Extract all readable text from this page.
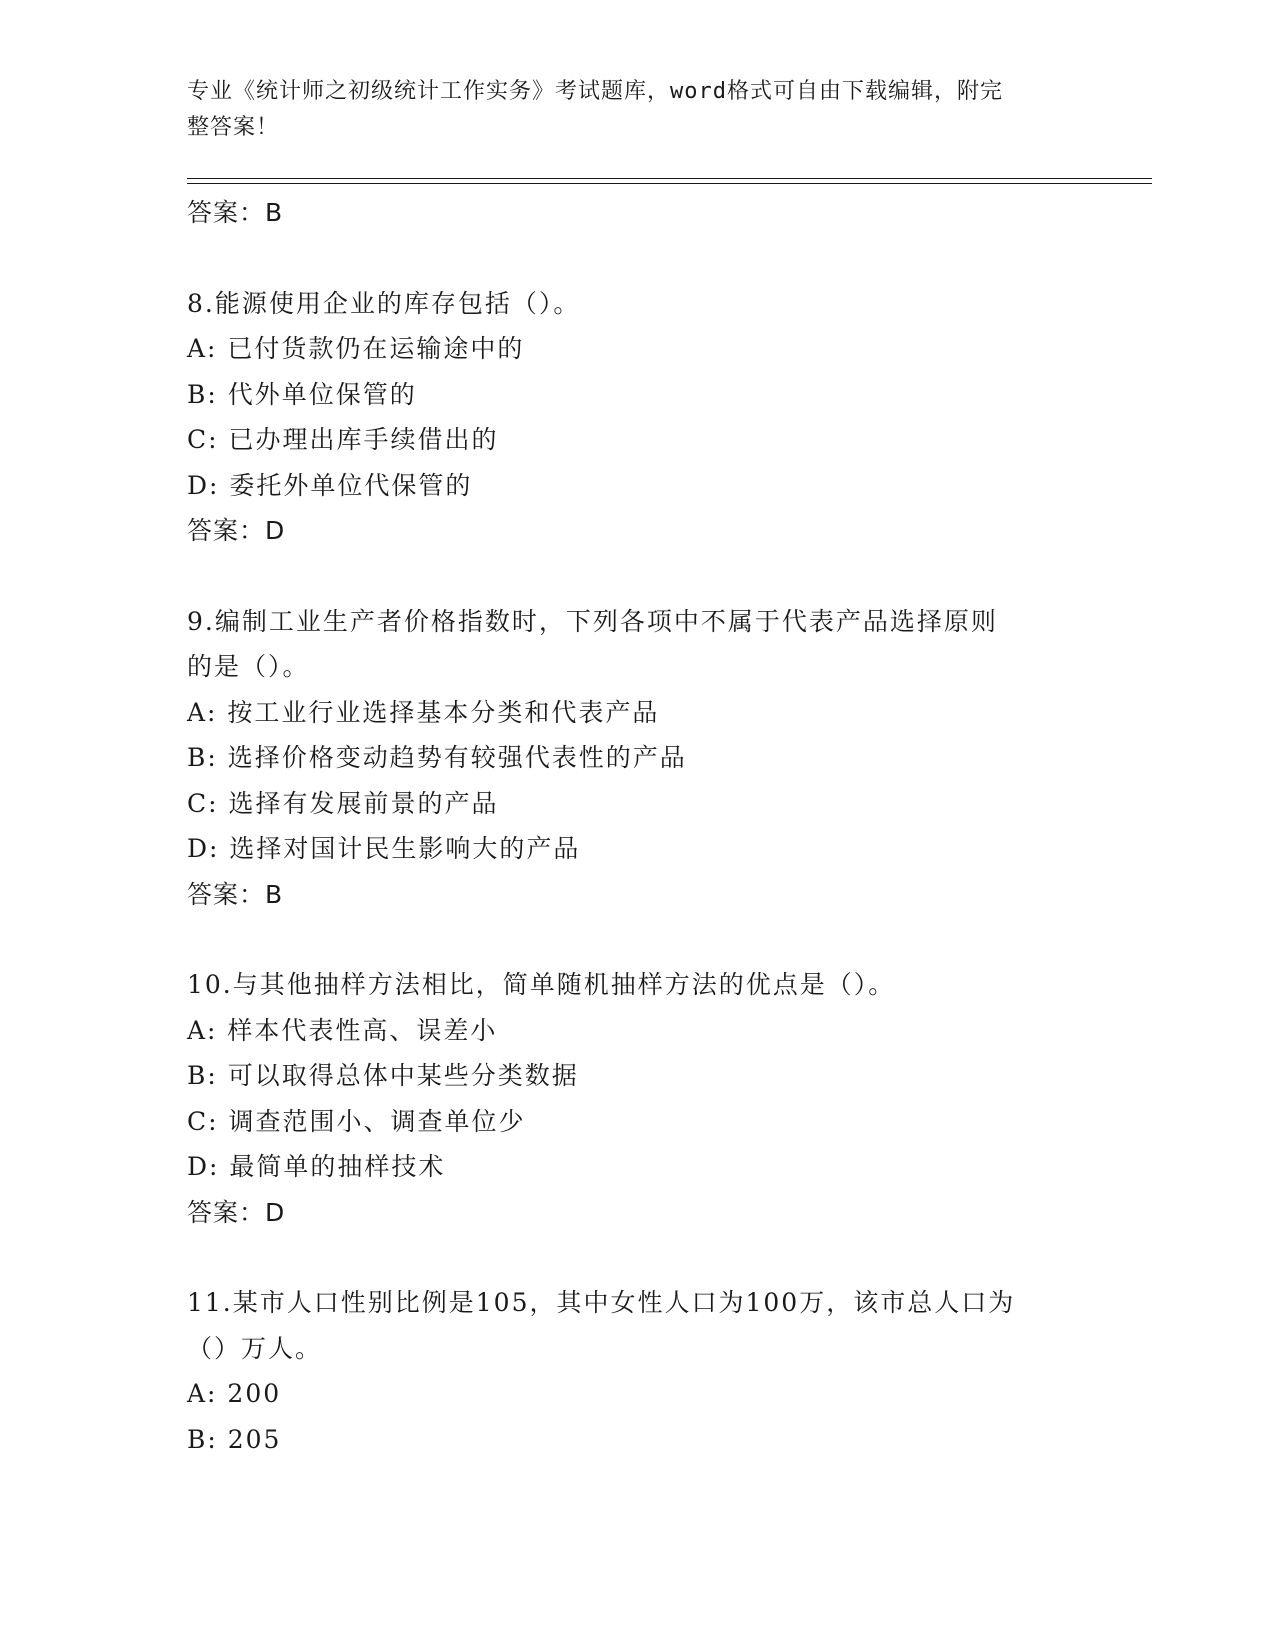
专业《统计师之初级统计工作实务》考试题库，word格式可自由下载编辑，附完
整答案！
答案：B
8.能源使用企业的库存包括（）。
A: 已付货款仍在运输途中的
B: 代外单位保管的
C: 已办理出库手续借出的
D: 委托外单位代保管的
答案：D
9.编制工业生产者价格指数时，下列各项中不属于代表产品选择原则
的是（）。
A: 按工业行业选择基本分类和代表产品
B: 选择价格变动趋势有较强代表性的产品
C: 选择有发展前景的产品
D: 选择对国计民生影响大的产品
答案：B
10.与其他抽样方法相比，简单随机抽样方法的优点是（）。
A: 样本代表性高、误差小
B: 可以取得总体中某些分类数据
C: 调查范围小、调查单位少
D: 最简单的抽样技术
答案：D
11.某市人口性别比例是105，其中女性人口为100万，该市总人口为
（）万人。
A: 200
B: 205
